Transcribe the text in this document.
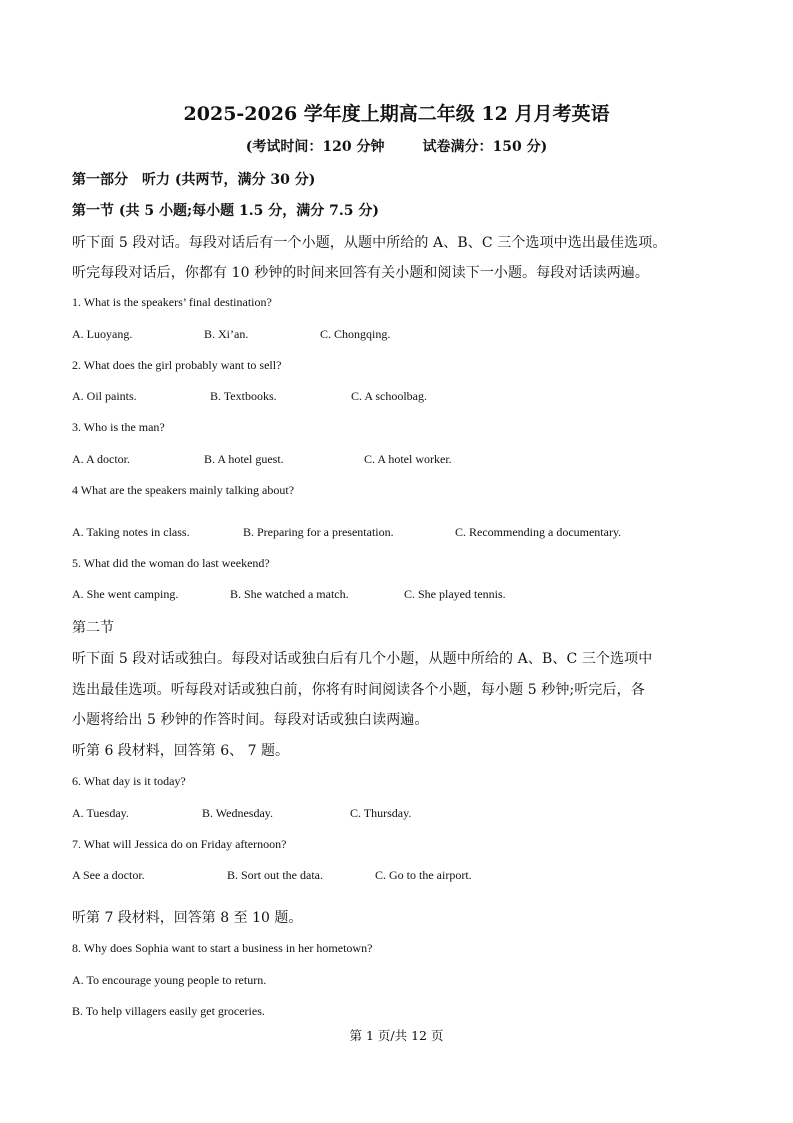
2025-2026 学年度上期高二年级 12 月月考英语
(考试时间：120 分钟	试卷满分：150 分)
第一部分　听力 (共两节，满分 30 分)
第一节 (共 5 小题;每小题 1.5 分，满分 7.5 分)
听下面 5 段对话。每段对话后有一个小题，从题中所给的 A、B、C 三个选项中选出最佳选项。
听完每段对话后，你都有 10 秒钟的时间来回答有关小题和阅读下一小题。每段对话读两遍。
1. What is the speakers’ final destination?
A. Luoyang.	B. Xi’an.	C. Chongqing.
2. What does the girl probably want to sell?
A. Oil paints.	B. Textbooks.	C. A schoolbag.
3. Who is the man?
A. A doctor.	B. A hotel guest.	C. A hotel worker.
4 What are the speakers mainly talking about?
A. Taking notes in class.	B. Preparing for a presentation.	C. Recommending a documentary.
5. What did the woman do last weekend?
A. She went camping.	B. She watched a match.	C. She played tennis.
第二节
听下面 5 段对话或独白。每段对话或独白后有几个小题，从题中所给的 A、B、C 三个选项中
选出最佳选项。听每段对话或独白前，你将有时间阅读各个小题，每小题 5 秒钟;听完后，各
小题将给出 5 秒钟的作答时间。每段对话或独白读两遍。
听第 6 段材料，回答第 6、 7 题。
6. What day is it today?
A. Tuesday.	B. Wednesday.	C. Thursday.
7. What will Jessica do on Friday afternoon?
A See a doctor.	B. Sort out the data.	C. Go to the airport.
听第 7 段材料，回答第 8 至 10 题。
8. Why does Sophia want to start a business in her hometown?
A. To encourage young people to return.
B. To help villagers easily get groceries.
第 1 页/共 12 页
